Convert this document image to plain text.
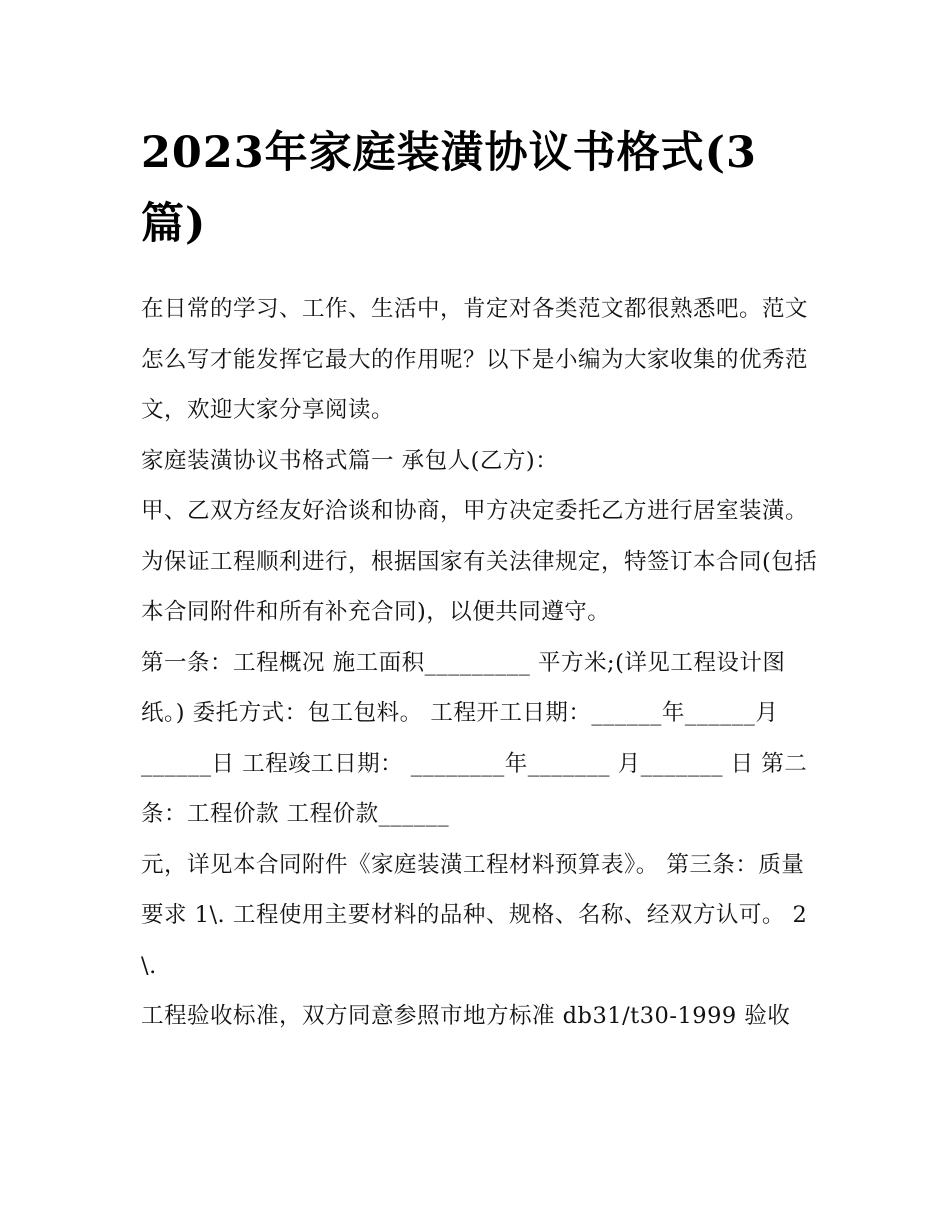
2023年家庭装潢协议书格式(3篇)

在日常的学习、工作、生活中，肯定对各类范文都很熟悉吧。范文怎么写才能发挥它最大的作用呢？以下是小编为大家收集的优秀范文，欢迎大家分享阅读。

家庭装潢协议书格式篇一 承包人(乙方)：

甲、乙双方经友好洽谈和协商，甲方决定委托乙方进行居室装潢。为保证工程顺利进行，根据国家有关法律规定，特签订本合同(包括本合同附件和所有补充合同)，以便共同遵守。

第一条：工程概况 施工面积_________ 平方米;(详见工程设计图纸。) 委托方式：包工包料。 工程开工日期：______年______月

______日 工程竣工日期： ________年_______ 月_______ 日 第二条：工程价款 工程价款______

元，详见本合同附件《家庭装潢工程材料预算表》。 第三条：质量要求 1\. 工程使用主要材料的品种、规格、名称、经双方认可。 2\.

工程验收标准，双方同意参照市地方标准 db31/t30-1999 验收
